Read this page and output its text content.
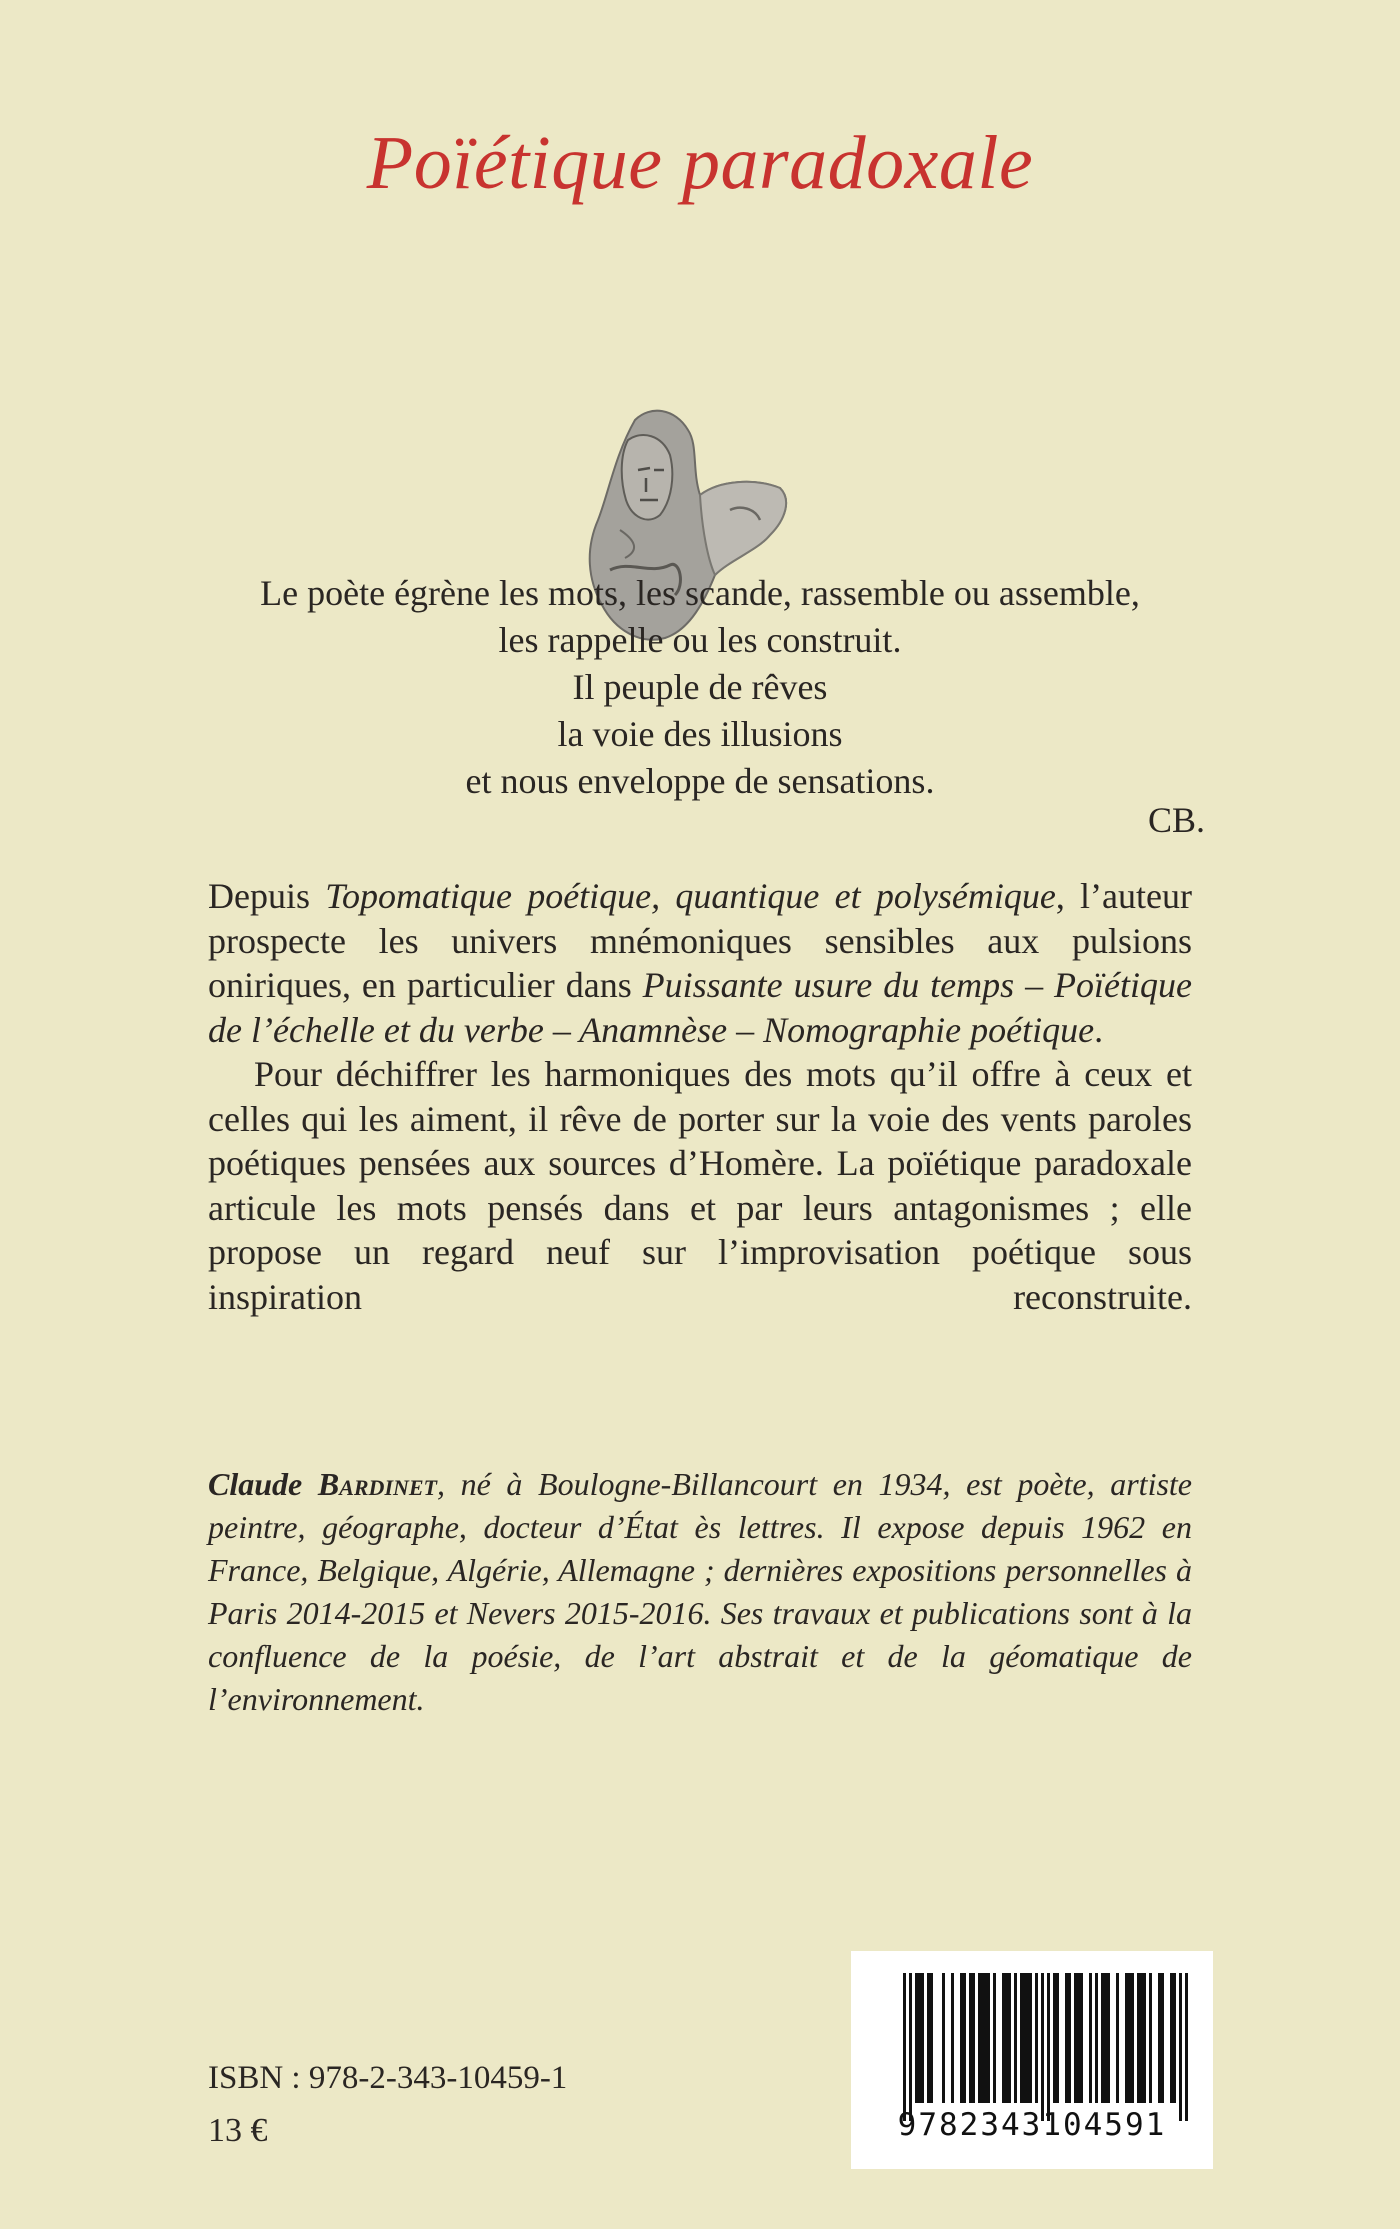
Poïétique paradoxale
Le poète égrène les mots, les scande, rassemble ou assemble,
les rappelle ou les construit.
Il peuple de rêves
la voie des illusions
et nous enveloppe de sensations.
CB.

Depuis Topomatique poétique, quantique et polysémique, l’auteur prospecte les univers mnémoniques sensibles aux pulsions oniriques, en particulier dans Puissante usure du temps – Poïétique de l’échelle et du verbe – Anamnèse – Nomographie poétique.

Pour déchiffrer les harmoniques des mots qu’il offre à ceux et celles qui les aiment, il rêve de porter sur la voie des vents paroles poétiques pensées aux sources d’Homère. La poïétique paradoxale articule les mots pensés dans et par leurs antagonismes ; elle propose un regard neuf sur l’improvisation poétique sous inspiration reconstruite.

Claude Bardinet, né à Boulogne-Billancourt en 1934, est poète, artiste peintre, géographe, docteur d’État ès lettres. Il expose depuis 1962 en France, Belgique, Algérie, Allemagne ; dernières expositions personnelles à Paris 2014-2015 et Nevers 2015-2016. Ses travaux et publications sont à la confluence de la poésie, de l’art abstrait et de la géomatique de l’environnement.
ISBN : 978-2-343-10459-1
13 €	9782343104591
